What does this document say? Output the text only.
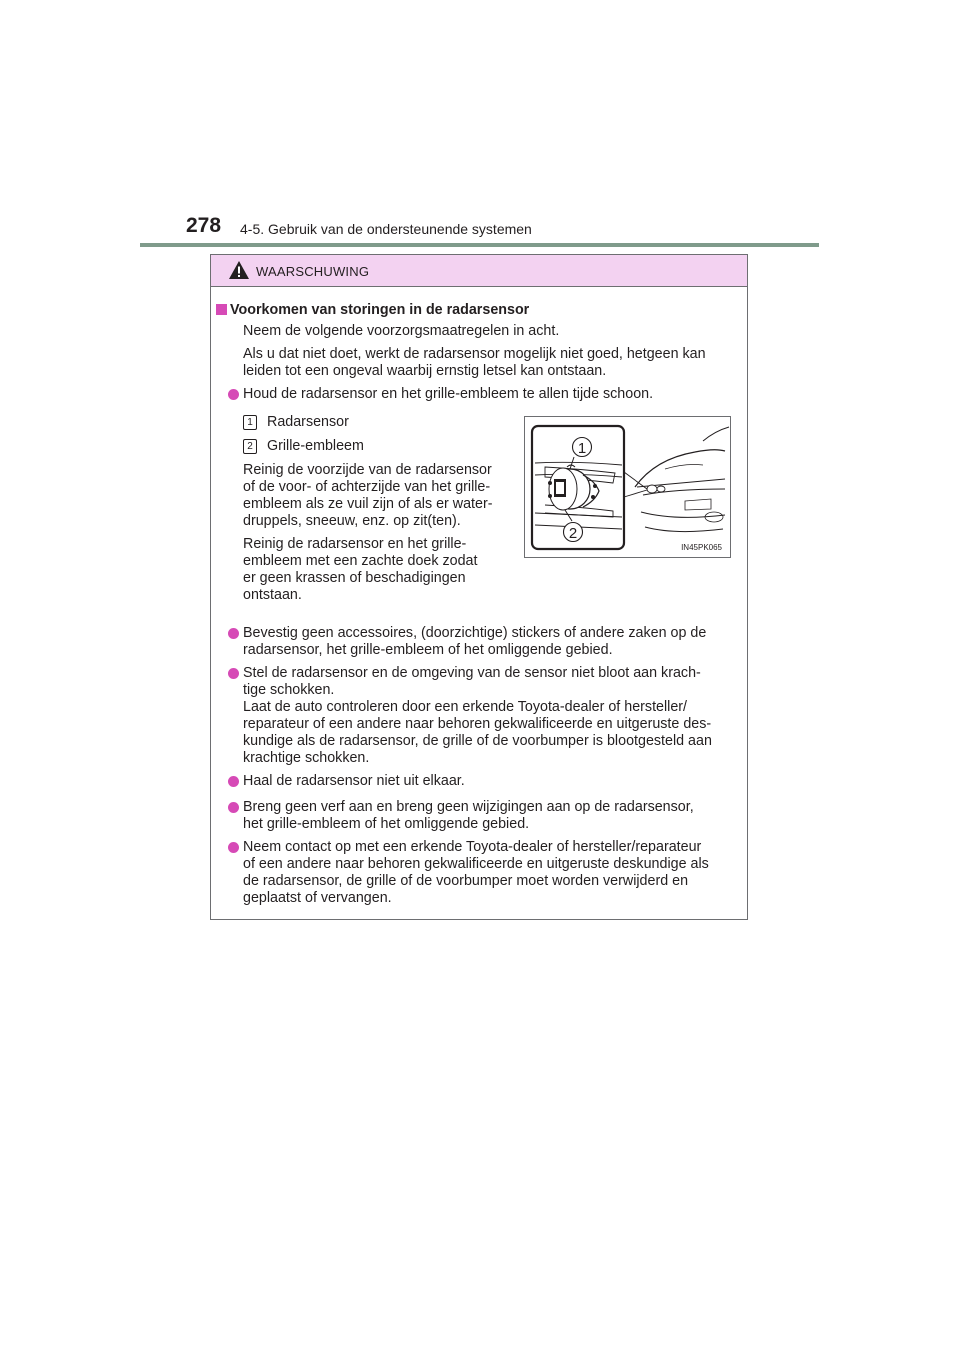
278 4-5. Gebruik van de ondersteunende systemen
WAARSCHUWING
Voorkomen van storingen in de radarsensor
Neem de volgende voorzorgsmaatregelen in acht.
Als u dat niet doet, werkt de radarsensor mogelijk niet goed, hetgeen kan
leiden tot een ongeval waarbij ernstig letsel kan ontstaan.
Houd de radarsensor en het grille-embleem te allen tijde schoon.
1 Radarsensor
2 Grille-embleem
Reinig de voorzijde van de radarsensor
of de voor- of achterzijde van het grille-
embleem als ze vuil zijn of als er water-
druppels, sneeuw, enz. op zit(ten).
Reinig de radarsensor en het grille-
embleem met een zachte doek zodat
er geen krassen of beschadigingen
ontstaan.
1
2
IN45PK065
Bevestig geen accessoires, (doorzichtige) stickers of andere zaken op de
radarsensor, het grille-embleem of het omliggende gebied.
Stel de radarsensor en de omgeving van de sensor niet bloot aan krach-
tige schokken.
Laat de auto controleren door een erkende Toyota-dealer of hersteller/
reparateur of een andere naar behoren gekwalificeerde en uitgeruste des-
kundige als de radarsensor, de grille of de voorbumper is blootgesteld aan
krachtige schokken.
Haal de radarsensor niet uit elkaar.
Breng geen verf aan en breng geen wijzigingen aan op de radarsensor,
het grille-embleem of het omliggende gebied.
Neem contact op met een erkende Toyota-dealer of hersteller/reparateur
of een andere naar behoren gekwalificeerde en uitgeruste deskundige als
de radarsensor, de grille of de voorbumper moet worden verwijderd en
geplaatst of vervangen.
